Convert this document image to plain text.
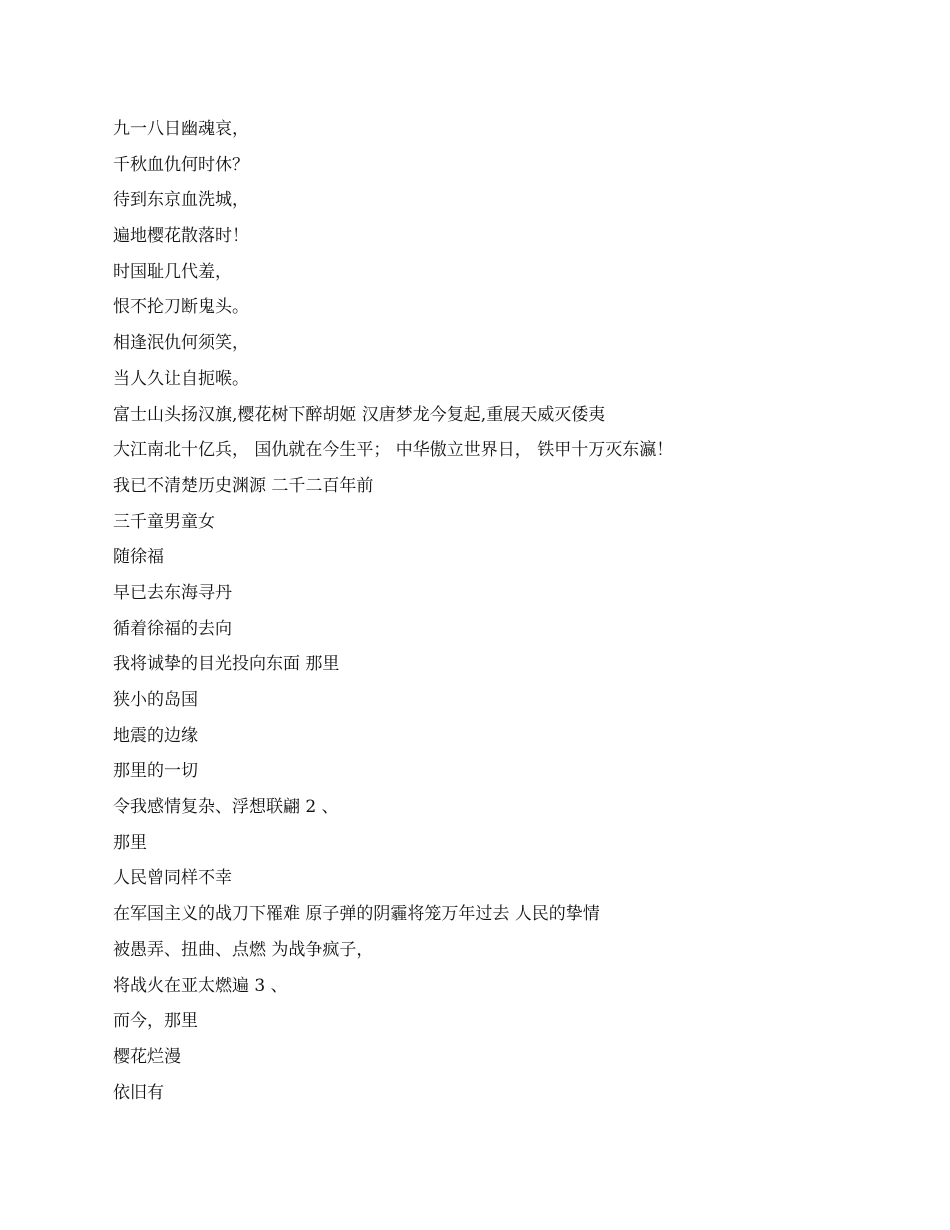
九一八日幽魂哀，
千秋血仇何时休？
待到东京血洗城，
遍地樱花散落时！
时国耻几代羞，
恨不抡刀断鬼头。
相逢泯仇何须笑，
当人久让自扼喉。
富士山头扬汉旗,樱花树下醉胡姬 汉唐梦龙今复起,重展天威灭倭夷
大江南北十亿兵， 国仇就在今生平； 中华傲立世界日， 铁甲十万灭东瀛！
我已不清楚历史渊源 二千二百年前
三千童男童女
随徐福
早已去东海寻丹
循着徐福的去向
我将诚挚的目光投向东面 那里
狭小的岛国
地震的边缘
那里的一切
令我感情复杂、浮想联翩 2 、
那里
人民曾同样不幸
在军国主义的战刀下罹难 原子弹的阴霾将笼万年过去 人民的挚情
被愚弄、扭曲、点燃 为战争疯子，
将战火在亚太燃遍 3 、
而今，那里
樱花烂漫
依旧有
